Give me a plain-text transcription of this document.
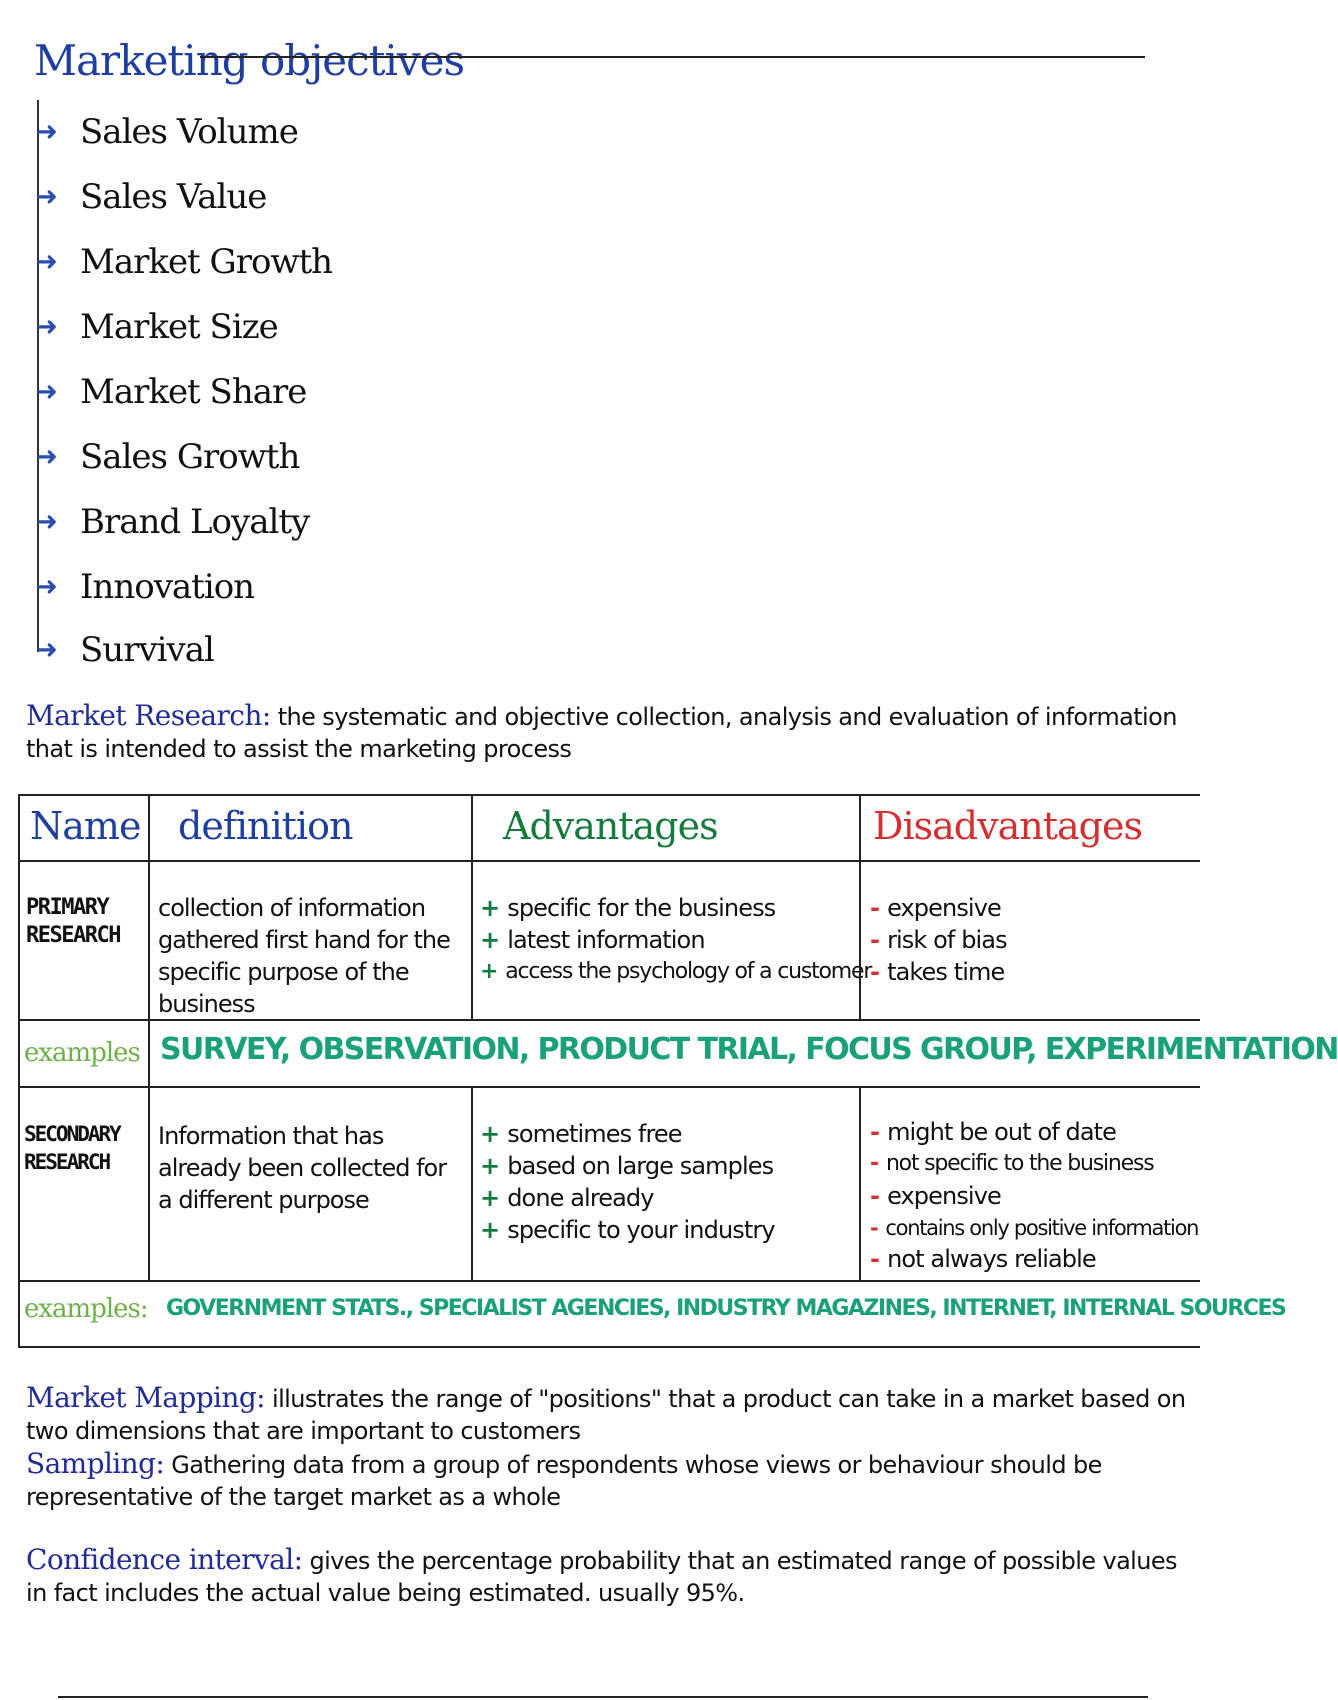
Marketing objectives
➜ Sales Volume
➜ Sales Value
➜ Market Growth
➜ Market Size
➜ Market Share
➜ Sales Growth
➜ Brand Loyalty
➜ Innovation
➜ Survival
Market Research: the systematic and objective collection, analysis and evaluation of information that is intended to assist the marketing process
Name definition	Advantages	Disadvantages
PRIMARY
RESEARCH
collection of information gathered first hand for the specific purpose of the business
+ specific for the business
+ latest information
+ access the psychology of a customer
- expensive
- risk of bias
- takes time
examples SURVEY, OBSERVATION, PRODUCT TRIAL, FOCUS GROUP, EXPERIMENTATION
SECONDARY
RESEARCH
Information that has already been collected for a different purpose
+ sometimes free
+ based on large samples
+ done already
+ specific to your industry
- might be out of date
- not specific to the business
- expensive
- contains only positive information
- not always reliable
examples: GOVERNMENT STATS., SPECIALIST AGENCIES, INDUSTRY MAGAZINES, INTERNET, INTERNAL SOURCES
Market Mapping: illustrates the range of "positions" that a product can take in a market based on two dimensions that are important to customers
Sampling: Gathering data from a group of respondents whose views or behaviour should be representative of the target market as a whole
Confidence interval: gives the percentage probability that an estimated range of possible values in fact includes the actual value being estimated. usually 95%.
